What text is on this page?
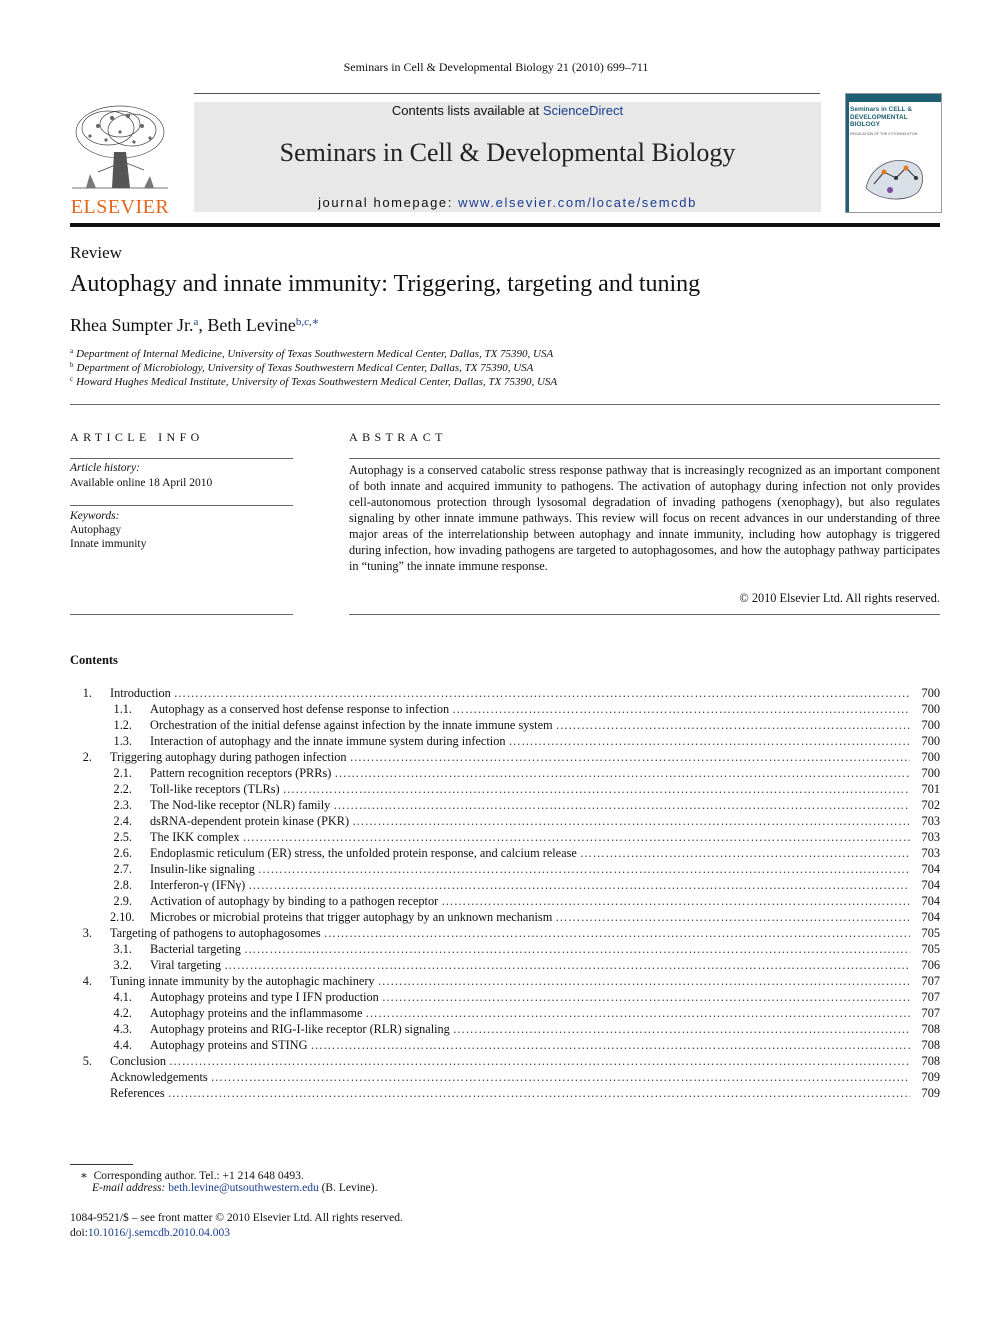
Seminars in Cell & Developmental Biology 21 (2010) 699–711
ELSEVIER
Contents lists available at ScienceDirect
Seminars in Cell & Developmental Biology
journal homepage: www.elsevier.com/locate/semcdb
Seminars in CELL & DEVELOPMENTAL BIOLOGY
REGULATION OF THE CYTOSKELETON
Review
Autophagy and innate immunity: Triggering, targeting and tuning
Rhea Sumpter Jr.$^a$, Beth Levine$^{b,c,∗}$
$^a$ Department of Internal Medicine, University of Texas Southwestern Medical Center, Dallas, TX 75390, USA
$^b$ Department of Microbiology, University of Texas Southwestern Medical Center, Dallas, TX 75390, USA
$^c$ Howard Hughes Medical Institute, University of Texas Southwestern Medical Center, Dallas, TX 75390, USA
ARTICLE INFO
Article history:
Available online 18 April 2010
Keywords:
Autophagy
Innate immunity
ABSTRACT
Autophagy is a conserved catabolic stress response pathway that is increasingly recognized as an important component of both innate and acquired immunity to pathogens. The activation of autophagy during infection not only provides cell-autonomous protection through lysosomal degradation of invading pathogens (xenophagy), but also regulates signaling by other innate immune pathways. This review will focus on recent advances in our understanding of three major areas of the interrelationship between autophagy and innate immunity, including how autophagy is triggered during infection, how invading pathogens are targeted to autophagosomes, and how the autophagy pathway participates in “tuning” the innate immune response.
© 2010 Elsevier Ltd. All rights reserved.
Contents
1. Introduction …………………………………………………………………………………………………………………………………………………………………………………………………………………………………………………………………………………………………………………	700
1.1. Autophagy as a conserved host defense response to infection …………………………………………………………………………………………………………………………………………………………………………………………………………………………………………………………………………………………………………………	700
1.2. Orchestration of the initial defense against infection by the innate immune system …………………………………………………………………………………………………………………………………………………………………………………………………………………………………………………………………………………………………………………	700
1.3. Interaction of autophagy and the innate immune system during infection …………………………………………………………………………………………………………………………………………………………………………………………………………………………………………………………………………………………………………………	700
2. Triggering autophagy during pathogen infection …………………………………………………………………………………………………………………………………………………………………………………………………………………………………………………………………………………………………………………	700
2.1. Pattern recognition receptors (PRRs) …………………………………………………………………………………………………………………………………………………………………………………………………………………………………………………………………………………………………………………	700
2.2. Toll-like receptors (TLRs) …………………………………………………………………………………………………………………………………………………………………………………………………………………………………………………………………………………………………………………	701
2.3. The Nod-like receptor (NLR) family …………………………………………………………………………………………………………………………………………………………………………………………………………………………………………………………………………………………………………………	702
2.4. dsRNA-dependent protein kinase (PKR) …………………………………………………………………………………………………………………………………………………………………………………………………………………………………………………………………………………………………………………	703
2.5. The IKK complex …………………………………………………………………………………………………………………………………………………………………………………………………………………………………………………………………………………………………………………	703
2.6. Endoplasmic reticulum (ER) stress, the unfolded protein response, and calcium release …………………………………………………………………………………………………………………………………………………………………………………………………………………………………………………………………………………………………………………	703
2.7. Insulin-like signaling …………………………………………………………………………………………………………………………………………………………………………………………………………………………………………………………………………………………………………………	704
2.8. Interferon-γ (IFNγ) …………………………………………………………………………………………………………………………………………………………………………………………………………………………………………………………………………………………………………………	704
2.9. Activation of autophagy by binding to a pathogen receptor …………………………………………………………………………………………………………………………………………………………………………………………………………………………………………………………………………………………………………………	704
2.10. Microbes or microbial proteins that trigger autophagy by an unknown mechanism …………………………………………………………………………………………………………………………………………………………………………………………………………………………………………………………………………………………………………………	704
3. Targeting of pathogens to autophagosomes …………………………………………………………………………………………………………………………………………………………………………………………………………………………………………………………………………………………………………………	705
3.1. Bacterial targeting …………………………………………………………………………………………………………………………………………………………………………………………………………………………………………………………………………………………………………………	705
3.2. Viral targeting …………………………………………………………………………………………………………………………………………………………………………………………………………………………………………………………………………………………………………………	706
4. Tuning innate immunity by the autophagic machinery …………………………………………………………………………………………………………………………………………………………………………………………………………………………………………………………………………………………………………………	707
4.1. Autophagy proteins and type I IFN production …………………………………………………………………………………………………………………………………………………………………………………………………………………………………………………………………………………………………………………	707
4.2. Autophagy proteins and the inflammasome …………………………………………………………………………………………………………………………………………………………………………………………………………………………………………………………………………………………………………………	707
4.3. Autophagy proteins and RIG-I-like receptor (RLR) signaling …………………………………………………………………………………………………………………………………………………………………………………………………………………………………………………………………………………………………………………	708
4.4. Autophagy proteins and STING …………………………………………………………………………………………………………………………………………………………………………………………………………………………………………………………………………………………………………………	708
5. Conclusion …………………………………………………………………………………………………………………………………………………………………………………………………………………………………………………………………………………………………………………	708
Acknowledgements …………………………………………………………………………………………………………………………………………………………………………………………………………………………………………………………………………………………………………………	709
References …………………………………………………………………………………………………………………………………………………………………………………………………………………………………………………………………………………………………………………	709
∗ Corresponding author. Tel.: +1 214 648 0493.
E-mail address: beth.levine@utsouthwestern.edu (B. Levine).
1084-9521/$ – see front matter © 2010 Elsevier Ltd. All rights reserved.
doi:10.1016/j.semcdb.2010.04.003
